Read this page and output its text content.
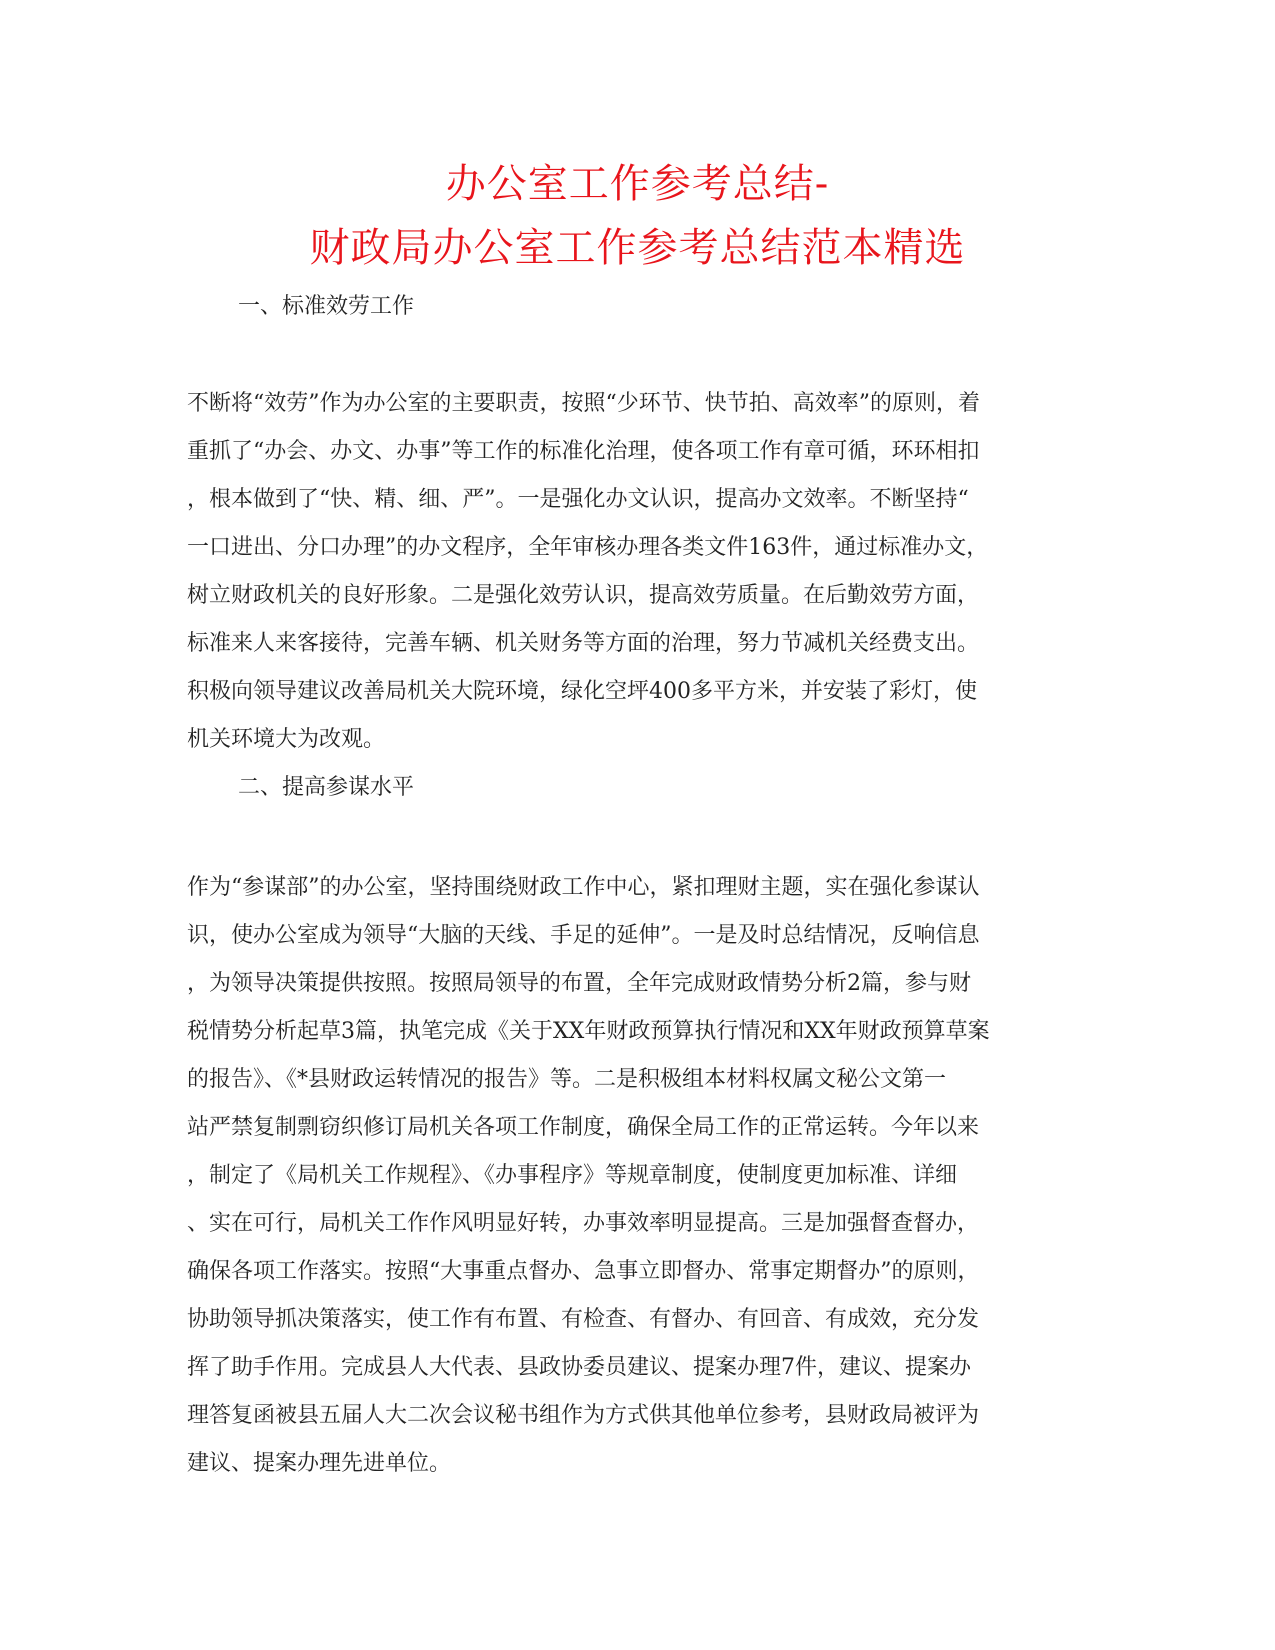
办公室工作参考总结-
财政局办公室工作参考总结范本精选
一、标准效劳工作
不断将“效劳”作为办公室的主要职责，按照“少环节、快节拍、高效率”的原则，着
重抓了“办会、办文、办事”等工作的标准化治理，使各项工作有章可循，环环相扣
，根本做到了“快、精、细、严”。一是强化办文认识，提高办文效率。不断坚持“
一口进出、分口办理”的办文程序，全年审核办理各类文件163件，通过标准办文，
树立财政机关的良好形象。二是强化效劳认识，提高效劳质量。在后勤效劳方面，
标准来人来客接待，完善车辆、机关财务等方面的治理，努力节减机关经费支出。
积极向领导建议改善局机关大院环境，绿化空坪400多平方米，并安装了彩灯，使
机关环境大为改观。
二、提高参谋水平
作为“参谋部”的办公室，坚持围绕财政工作中心，紧扣理财主题，实在强化参谋认
识，使办公室成为领导“大脑的天线、手足的延伸”。一是及时总结情况，反响信息
，为领导决策提供按照。按照局领导的布置，全年完成财政情势分析2篇，参与财
税情势分析起草3篇，执笔完成《关于XX年财政预算执行情况和XX年财政预算草案
的报告》、《*县财政运转情况的报告》等。二是积极组本材料权属文秘公文第一
站严禁复制剽窃织修订局机关各项工作制度，确保全局工作的正常运转。今年以来
，制定了《局机关工作规程》、《办事程序》等规章制度，使制度更加标准、详细
、实在可行，局机关工作作风明显好转，办事效率明显提高。三是加强督查督办，
确保各项工作落实。按照“大事重点督办、急事立即督办、常事定期督办”的原则，
协助领导抓决策落实，使工作有布置、有检查、有督办、有回音、有成效，充分发
挥了助手作用。完成县人大代表、县政协委员建议、提案办理7件，建议、提案办
理答复函被县五届人大二次会议秘书组作为方式供其他单位参考，县财政局被评为
建议、提案办理先进单位。
